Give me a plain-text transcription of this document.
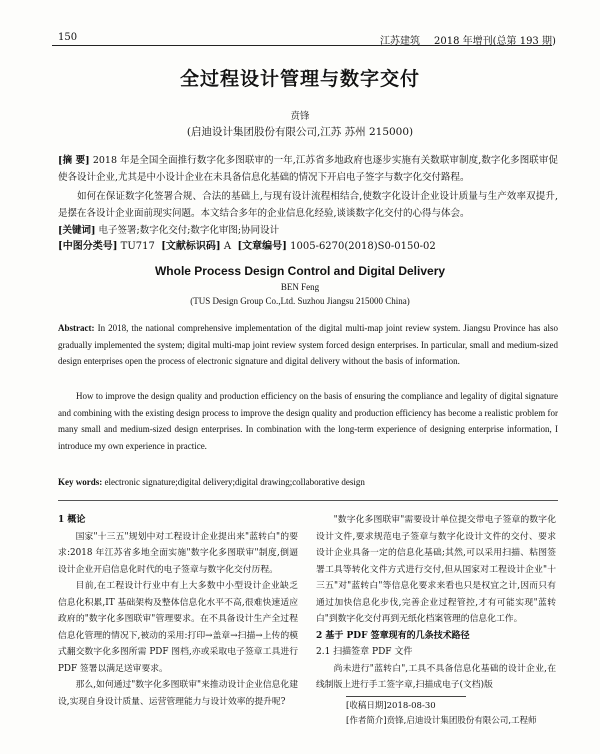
150	江苏建筑 2018 年增刊(总第 193 期)
全过程设计管理与数字交付
贲锋
(启迪设计集团股份有限公司,江苏 苏州 215000)
[摘 要] 2018 年是全国全面推行数字化多图联审的一年,江苏省多地政府也逐步实施有关数联审制度,数字化多图联审促使各设计企业,尤其是中小设计企业在未具备信息化基础的情况下开启电子签字与数字化交付路程。
如何在保证数字化签署合规、合法的基础上,与现有设计流程相结合,使数字化设计企业设计质量与生产效率双提升,是摆在各设计企业面前现实问题。本文结合多年的企业信息化经验,谈谈数字化交付的心得与体会。
[关键词] 电子签署;数字化交付;数字化审图;协同设计
[中图分类号] TU717 [文献标识码] A [文章编号] 1005-6270(2018)S0-0150-02
Whole Process Design Control and Digital Delivery
BEN Feng
(TUS Design Group Co.,Ltd. Suzhou Jiangsu 215000 China)
Abstract: In 2018, the national comprehensive implementation of the digital multi-map joint review system. Jiangsu Province has also gradually implemented the system; digital multi-map joint review system forced design enterprises. In particular, small and medium-sized design enterprises open the process of electronic signature and digital delivery without the basis of information.
How to improve the design quality and production efficiency on the basis of ensuring the compliance and legality of digital signature and combining with the existing design process to improve the design quality and production efficiency has become a realistic problem for many small and medium-sized design enterprises. In combination with the long-term experience of designing enterprise information, I introduce my own experience in practice.
Key words: electronic signature;digital delivery;digital drawing;collaborative design
1 概论
国家"十三五"规划中对工程设计企业提出来"蓝转白"的要求:2018 年江苏省多地全面实施"数字化多图联审"制度,倒逼设计企业开启信息化时代的电子签章与数字化交付历程。
目前,在工程设计行业中有上大多数中小型设计企业缺乏信息化积累,IT 基础架构及整体信息化水平不高,很难快速适应政府的"数字化多图联审"管理要求。在不具备设计生产全过程信息化管理的情况下,被动的采用:打印→盖章→扫描→上传的模式翻交数字化多图所需 PDF 图档,亦或采取电子签章工具进行 PDF 签署以满足送审要求。
那么,如何通过"数字化多图联审"来推动设计企业信息化建设,实现自身设计质量、运营管理能力与设计效率的提升呢?
"数字化多图联审"需要设计单位提交带电子签章的数字化设计文件,要求规范电子签章与数字化设计文件的交付、要求设计企业具备一定的信息化基础;其然,可以采用扫描、粘图签署工具等转化文件方式进行交付,但从国家对工程设计企业"十三五"对"蓝转白"等信息化要求来看也只是权宜之计,因而只有通过加快信息化步伐,完善企业过程管控,才有可能实现"蓝转白"到数字化交付再到无纸化档案管理的信息化工作。
2 基于 PDF 签章现有的几条技术路径
2.1 扫描签章 PDF 文件
尚未进行"蓝转白",工具不具备信息化基础的设计企业,在线制版上进行手工签字章,扫描成电子(文档)版
[收稿日期]2018-08-30
[作者简介]贲锋,启迪设计集团股份有限公司,工程师
